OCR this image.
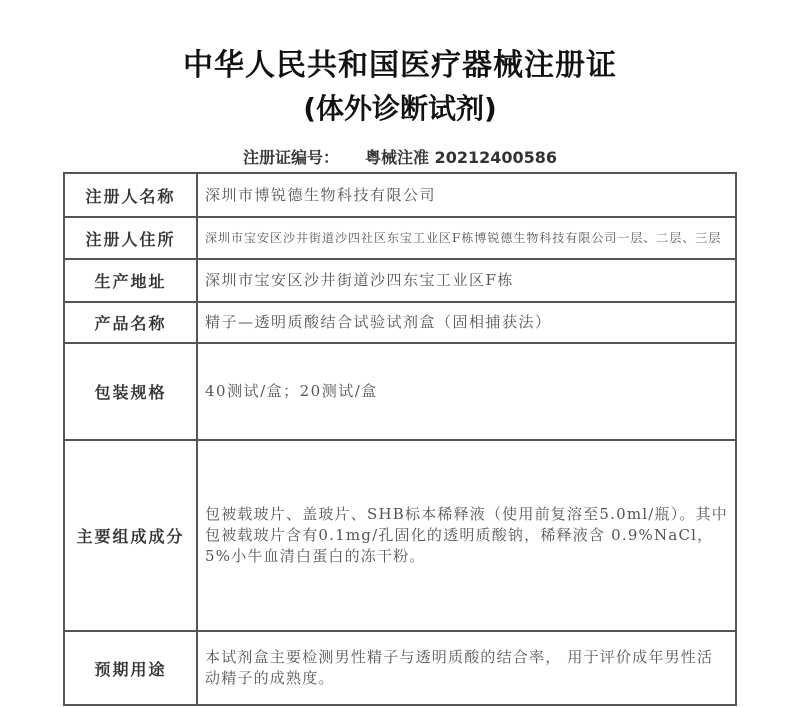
中华人民共和国医疗器械注册证
(体外诊断试剂)
注册证编号： 粤械注准 20212400586
注册人名称	深圳市博锐德生物科技有限公司
注册人住所	深圳市宝安区沙井街道沙四社区东宝工业区F栋博锐德生物科技有限公司一层、二层、三层
生产地址	深圳市宝安区沙井街道沙四东宝工业区F栋
产品名称	精子—透明质酸结合试验试剂盒（固相捕获法）
包装规格	40测试/盒；20测试/盒
主要组成成分	包被载玻片、盖玻片、SHB标本稀释液（使用前复溶至5.0ml/瓶）。其中包被载玻片含有0.1mg/孔固化的透明质酸钠，稀释液含 0.9%NaCl，5%小牛血清白蛋白的冻干粉。
预期用途	本试剂盒主要检测男性精子与透明质酸的结合率， 用于评价成年男性活动精子的成熟度。
